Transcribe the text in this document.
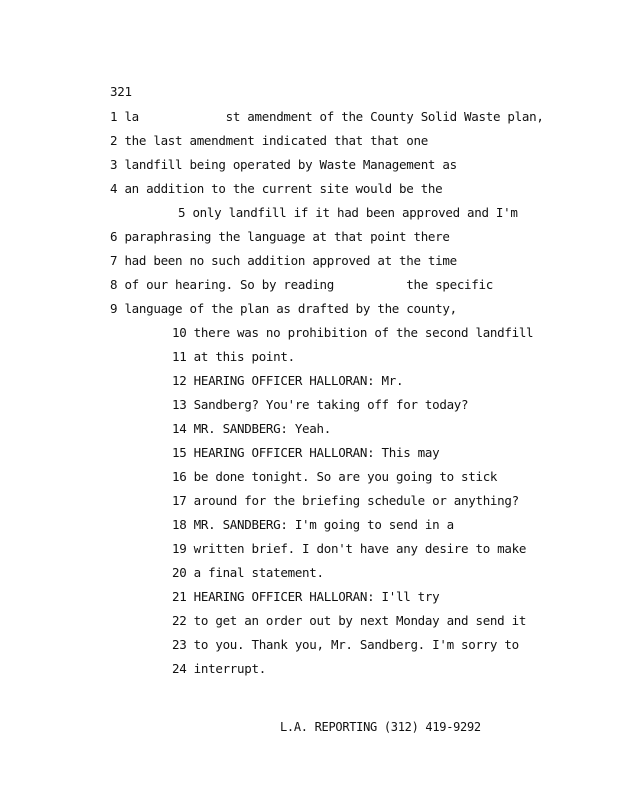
321
1 la            st amendment of the County Solid Waste plan,
2 the last amendment indicated that that one
3 landfill being operated by Waste Management as
4 an addition to the current site would be the
5 only landfill if it had been approved and I'm
6 paraphrasing the language at that point there
7 had been no such addition approved at the time
8 of our hearing. So by reading          the specific
9 language of the plan as drafted by the county,
10 there was no prohibition of the second landfill
11 at this point.
12 HEARING OFFICER HALLORAN: Mr.
13 Sandberg? You're taking off for today?
14 MR. SANDBERG: Yeah.
15 HEARING OFFICER HALLORAN: This may
16 be done tonight. So are you going to stick
17 around for the briefing schedule or anything?
18 MR. SANDBERG: I'm going to send in a
19 written brief. I don't have any desire to make
20 a final statement.
21 HEARING OFFICER HALLORAN: I'll try
22 to get an order out by next Monday and send it
23 to you. Thank you, Mr. Sandberg. I'm sorry to
24 interrupt.
L.A. REPORTING (312) 419-9292
